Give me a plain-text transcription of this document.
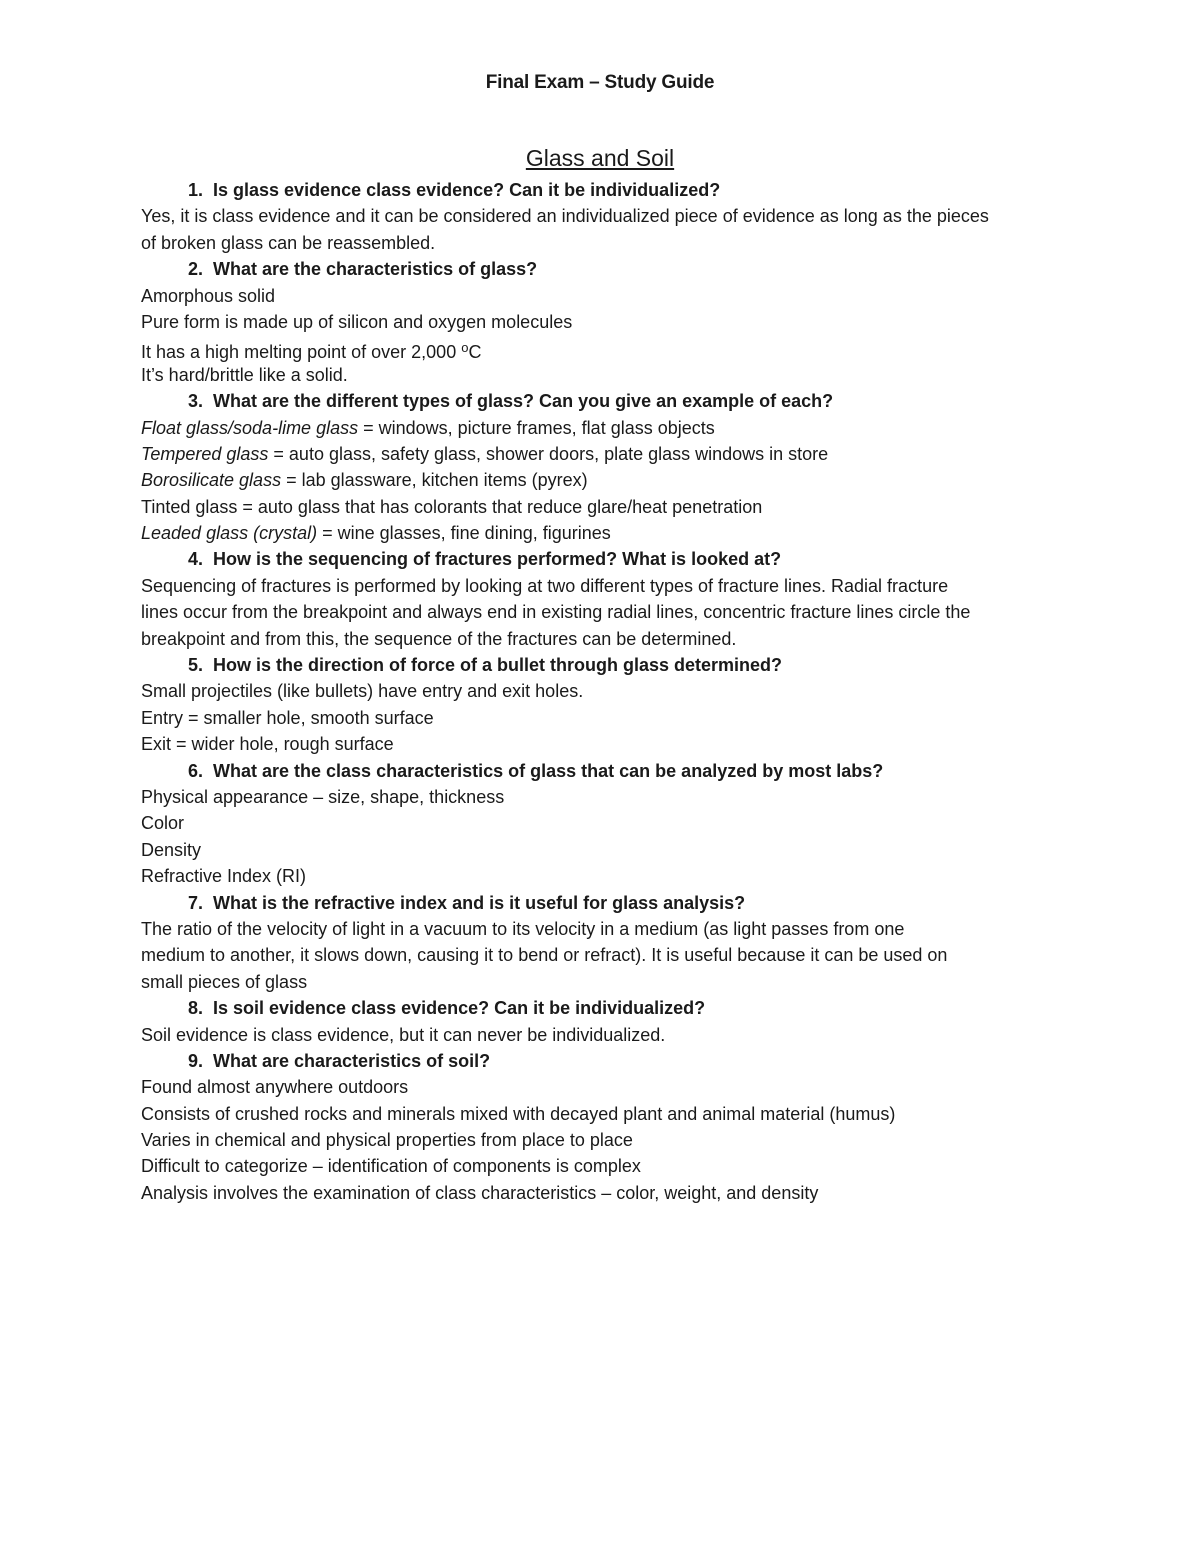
Final Exam – Study Guide
Glass and Soil
1. Is glass evidence class evidence? Can it be individualized?
Yes, it is class evidence and it can be considered an individualized piece of evidence as long as the pieces
of broken glass can be reassembled.
2. What are the characteristics of glass?
Amorphous solid
Pure form is made up of silicon and oxygen molecules
It has a high melting point of over 2,000 $^o$C
It’s hard/brittle like a solid.
3. What are the different types of glass? Can you give an example of each?
Float glass/soda-lime glass = windows, picture frames, flat glass objects
Tempered glass = auto glass, safety glass, shower doors, plate glass windows in store
Borosilicate glass = lab glassware, kitchen items (pyrex)
Tinted glass = auto glass that has colorants that reduce glare/heat penetration
Leaded glass (crystal) = wine glasses, fine dining, figurines
4. How is the sequencing of fractures performed? What is looked at?
Sequencing of fractures is performed by looking at two different types of fracture lines. Radial fracture
lines occur from the breakpoint and always end in existing radial lines, concentric fracture lines circle the
breakpoint and from this, the sequence of the fractures can be determined.
5. How is the direction of force of a bullet through glass determined?
Small projectiles (like bullets) have entry and exit holes.
Entry = smaller hole, smooth surface
Exit = wider hole, rough surface
6. What are the class characteristics of glass that can be analyzed by most labs?
Physical appearance – size, shape, thickness
Color
Density
Refractive Index (RI)
7. What is the refractive index and is it useful for glass analysis?
The ratio of the velocity of light in a vacuum to its velocity in a medium (as light passes from one
medium to another, it slows down, causing it to bend or refract). It is useful because it can be used on
small pieces of glass
8. Is soil evidence class evidence? Can it be individualized?
Soil evidence is class evidence, but it can never be individualized.
9. What are characteristics of soil?
Found almost anywhere outdoors
Consists of crushed rocks and minerals mixed with decayed plant and animal material (humus)
Varies in chemical and physical properties from place to place
Difficult to categorize – identification of components is complex
Analysis involves the examination of class characteristics – color, weight, and density
